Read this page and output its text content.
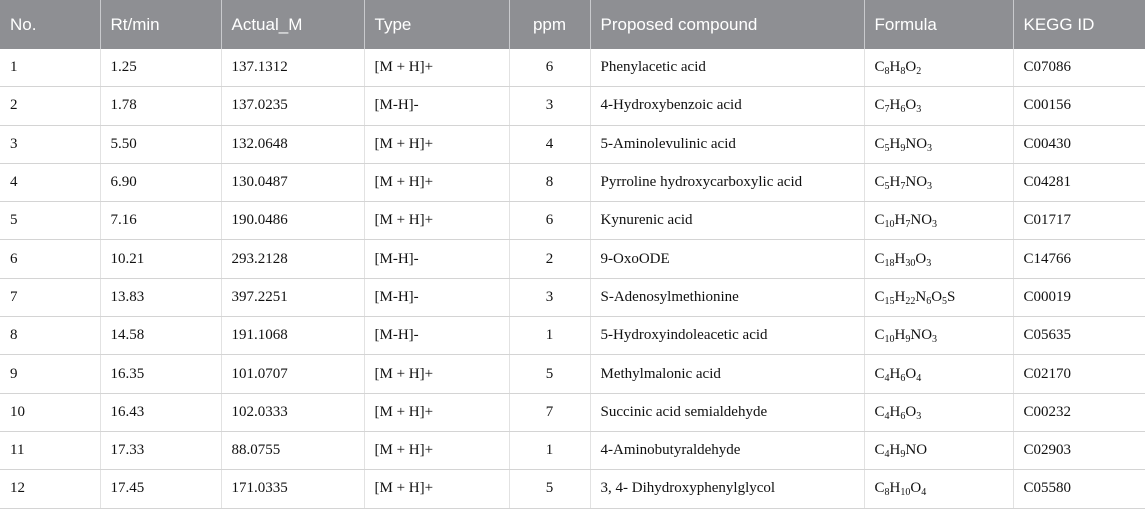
No.	Rt/min	Actual_M	Type	ppm	Proposed compound	Formula	KEGG ID
1	1.25	137.1312	[M + H]+	6	Phenylacetic acid	$C_8H_8O_2$	C07086
2	1.78	137.0235	[M-H]-	3	4-Hydroxybenzoic acid	$C_7H_6O_3$	C00156
3	5.50	132.0648	[M + H]+	4	5-Aminolevulinic acid	$C_5H_9NO_3$	C00430
4	6.90	130.0487	[M + H]+	8	Pyrroline hydroxycarboxylic acid	$C_5H_7NO_3$	C04281
5	7.16	190.0486	[M + H]+	6	Kynurenic acid	$C_{10}H_7NO_3$	C01717
6	10.21	293.2128	[M-H]-	2	9-OxoODE	$C_{18}H_{30}O_3$	C14766
7	13.83	397.2251	[M-H]-	3	S-Adenosylmethionine	$C_{15}H_{22}N_6O_5S$	C00019
8	14.58	191.1068	[M-H]-	1	5-Hydroxyindoleacetic acid	$C_{10}H_9NO_3$	C05635
9	16.35	101.0707	[M + H]+	5	Methylmalonic acid	$C_4H_6O_4$	C02170
10	16.43	102.0333	[M + H]+	7	Succinic acid semialdehyde	$C_4H_6O_3$	C00232
11	17.33	88.0755	[M + H]+	1	4-Aminobutyraldehyde	$C_4H_9NO$	C02903
12	17.45	171.0335	[M + H]+	5	3, 4- Dihydroxyphenylglycol	$C_8H_{10}O_4$	C05580
